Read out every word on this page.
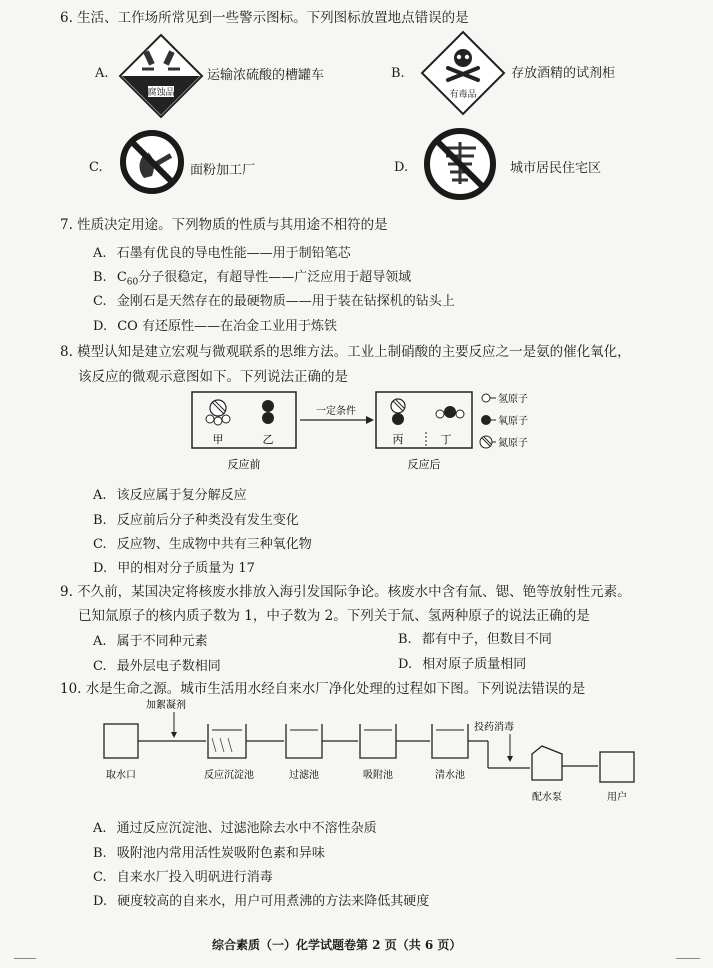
6. 生活、工作场所常见到一些警示图标。下列图标放置地点错误的是
A.
腐蚀品
运输浓硫酸的槽罐车	B.
有毒品
存放酒精的试剂柜
C.	面粉加工厂	D.	城市居民住宅区
7. 性质决定用途。下列物质的性质与其用途不相符的是
A. 石墨有优良的导电性能——用于制铅笔芯
B. $C_{60}$分子很稳定，有超导性——广泛应用于超导领域
C. 金刚石是天然存在的最硬物质——用于装在钻探机的钻头上
D. CO 有还原性——在冶金工业用于炼铁
8. 模型认知是建立宏观与微观联系的思维方法。工业上制硝酸的主要反应之一是氨的催化氧化，
该反应的微观示意图如下。下列说法正确的是
甲	乙
反应前
一定条件
丙	丁
反应后
氢原子
氧原子
氮原子
A. 该反应属于复分解反应
B. 反应前后分子种类没有发生变化
C. 反应物、生成物中共有三种氧化物
D. 甲的相对分子质量为 17
9. 不久前，某国决定将核废水排放入海引发国际争论。核废水中含有氚、锶、铯等放射性元素。
已知氚原子的核内质子数为 1，中子数为 2。下列关于氚、氢两种原子的说法正确的是
A. 属于不同种元素	B. 都有中子，但数目不同
C. 最外层电子数相同	D. 相对原子质量相同
10. 水是生命之源。城市生活用水经自来水厂净化处理的过程如下图。下列说法错误的是
加絮凝剂
投药消毒
取水口	反应沉淀池	过滤池	吸附池	清水池
配水泵	用户
A. 通过反应沉淀池、过滤池除去水中不溶性杂质
B. 吸附池内常用活性炭吸附色素和异味
C. 自来水厂投入明矾进行消毒
D. 硬度较高的自来水，用户可用煮沸的方法来降低其硬度
综合素质（一）化学试题卷第 2 页（共 6 页）
